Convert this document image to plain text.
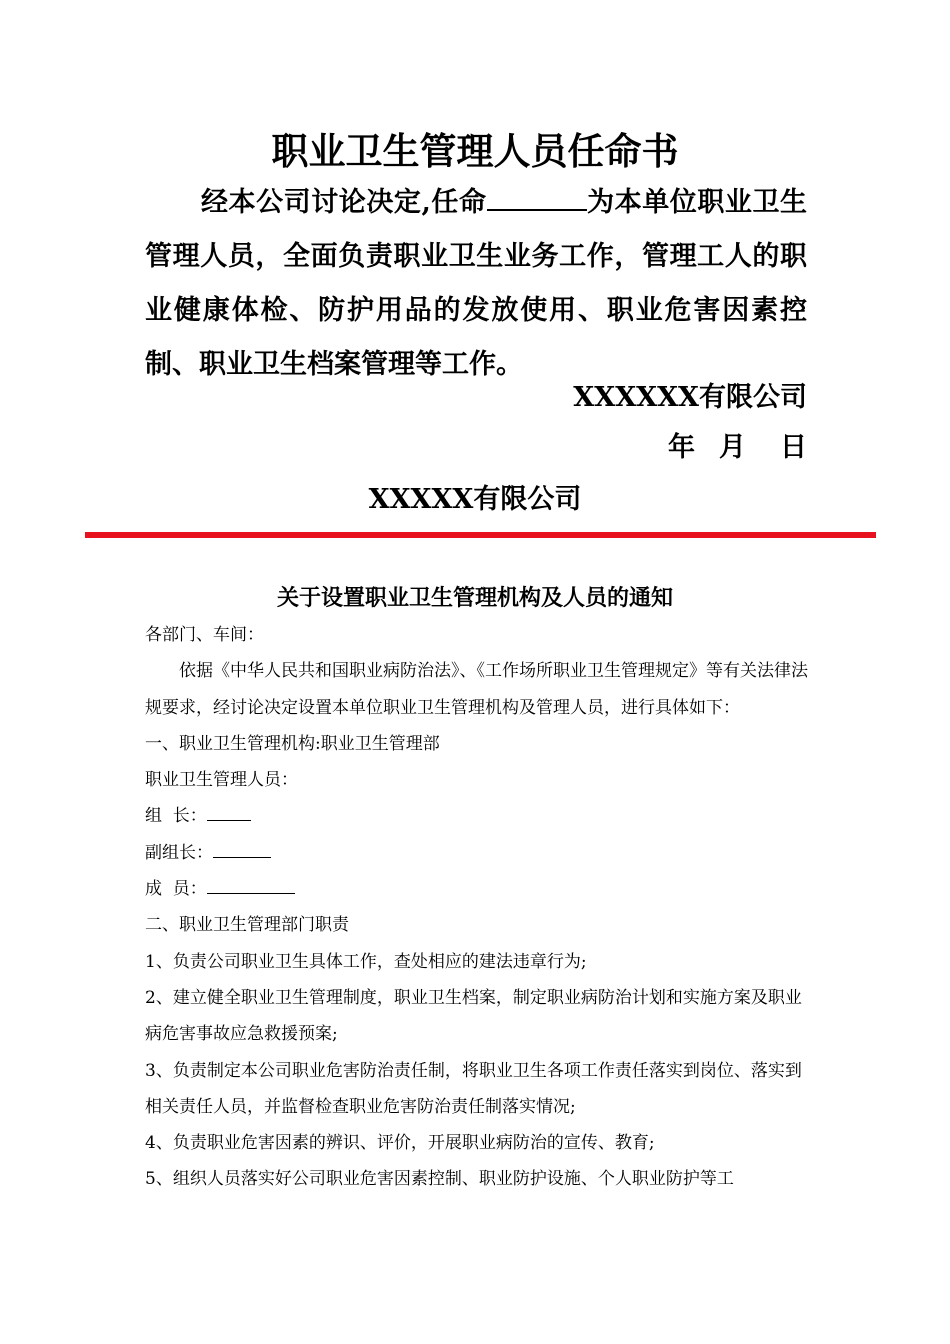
职业卫生管理人员任命书
经本公司讨论决定,任命	为本单位职业卫生管理人员，全面负责职业卫生业务工作，管理工人的职业健康体检、防护用品的发放使用、职业危害因素控制、职业卫生档案管理等工作。
XXXXXX有限公司
年 月 日
XXXXX有限公司
关于设置职业卫生管理机构及人员的通知

各部门、车间：

依据《中华人民共和国职业病防治法》、《工作场所职业卫生管理规定》等有关法律法规要求，经讨论决定设置本单位职业卫生管理机构及管理人员，进行具体如下：

一、职业卫生管理机构:职业卫生管理部

职业卫生管理人员：

组  长：

副组长：

成  员：

二、职业卫生管理部门职责

1、负责公司职业卫生具体工作，查处相应的建法违章行为;

2、建立健全职业卫生管理制度，职业卫生档案，制定职业病防治计划和实施方案及职业病危害事故应急救援预案;

3、负责制定本公司职业危害防治责任制，将职业卫生各项工作责任落实到岗位、落实到相关责任人员，并监督检查职业危害防治责任制落实情况;

4、负责职业危害因素的辨识、评价，开展职业病防治的宣传、教育;

5、组织人员落实好公司职业危害因素控制、职业防护设施、个人职业防护等工
